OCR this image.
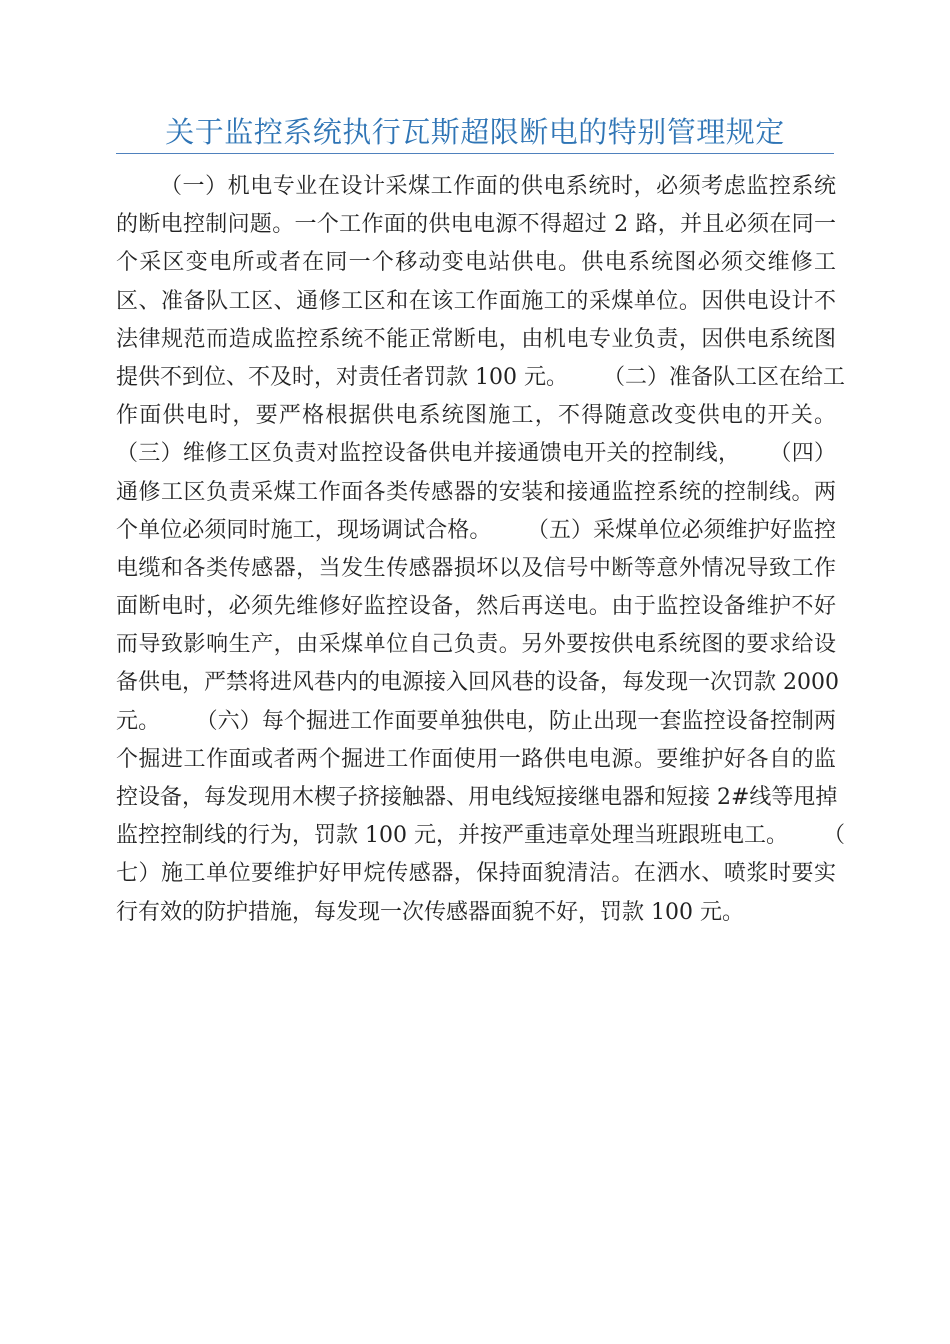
关于监控系统执行瓦斯超限断电的特别管理规定
（一）机电专业在设计采煤工作面的供电系统时，必须考虑监控系统
的断电控制问题。一个工作面的供电电源不得超过 2 路，并且必须在同一
个采区变电所或者在同一个移动变电站供电。供电系统图必须交维修工
区、准备队工区、通修工区和在该工作面施工的采煤单位。因供电设计不
法律规范而造成监控系统不能正常断电，由机电专业负责，因供电系统图
提供不到位、不及时，对责任者罚款 100 元。     （二）准备队工区在给工
作面供电时，要严格根据供电系统图施工，不得随意改变供电的开关。
（三）维修工区负责对监控设备供电并接通馈电开关的控制线，    （四）
通修工区负责采煤工作面各类传感器的安装和接通监控系统的控制线。两
个单位必须同时施工，现场调试合格。     （五）采煤单位必须维护好监控
电缆和各类传感器，当发生传感器损坏以及信号中断等意外情况导致工作
面断电时，必须先维修好监控设备，然后再送电。由于监控设备维护不好
而导致影响生产，由采煤单位自己负责。另外要按供电系统图的要求给设
备供电，严禁将进风巷内的电源接入回风巷的设备，每发现一次罚款 2000
元。     （六）每个掘进工作面要单独供电，防止出现一套监控设备控制两
个掘进工作面或者两个掘进工作面使用一路供电电源。要维护好各自的监
控设备，每发现用木楔子挤接触器、用电线短接继电器和短接 2#线等甩掉
监控控制线的行为，罚款 100 元，并按严重违章处理当班跟班电工。     （
七）施工单位要维护好甲烷传感器，保持面貌清洁。在洒水、喷浆时要实
行有效的防护措施，每发现一次传感器面貌不好，罚款 100 元。
